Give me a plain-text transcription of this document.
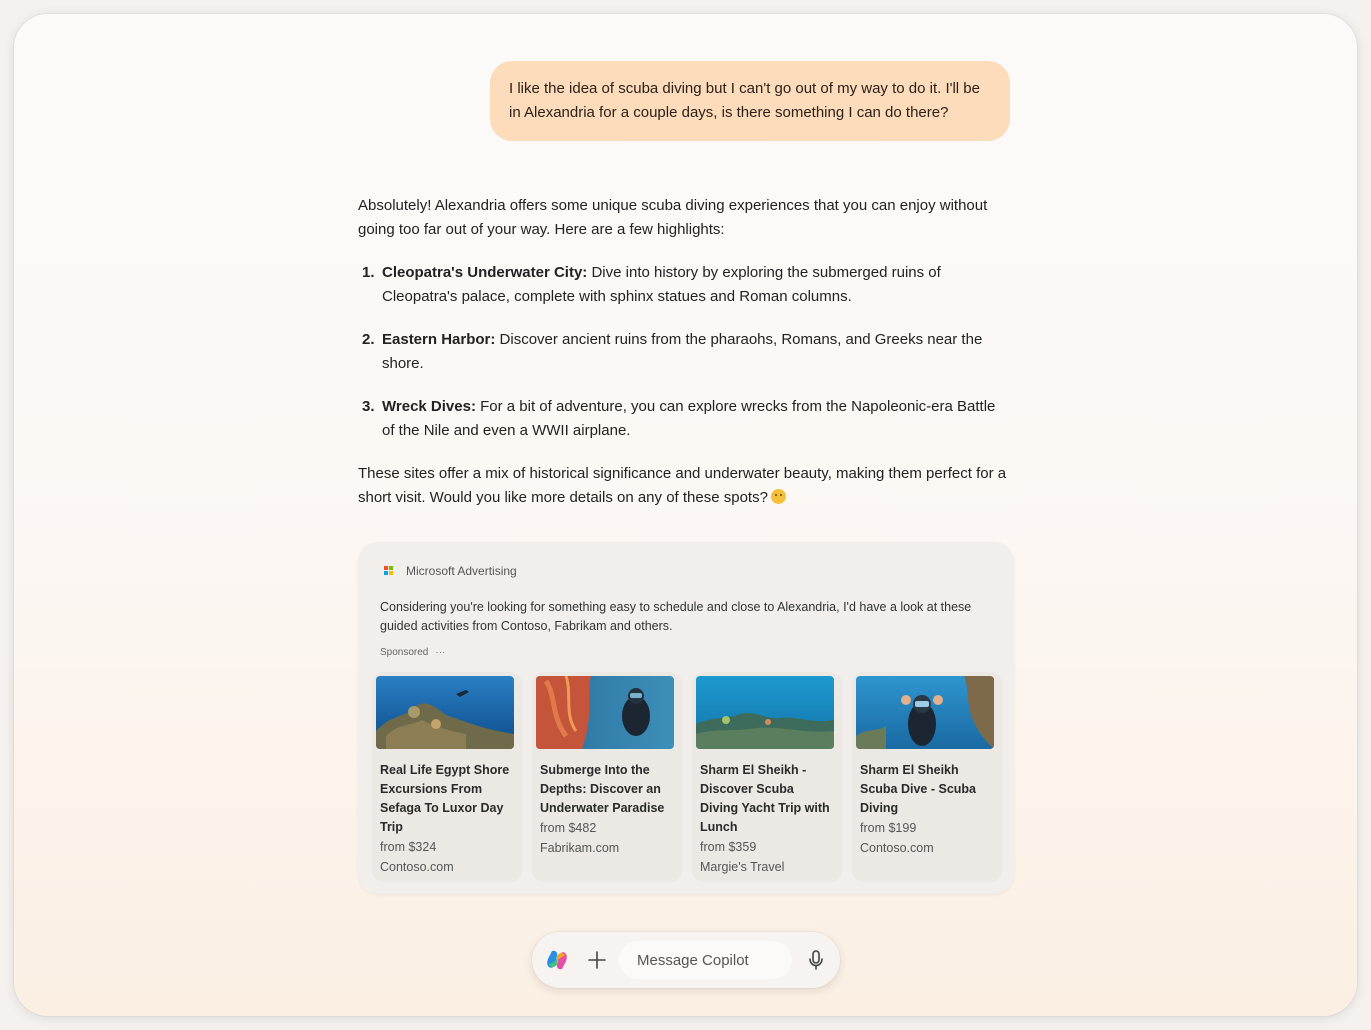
I like the idea of scuba diving but I can't go out of my way to do it. I'll be in Alexandria for a couple days, is there something I can do there?

Absolutely! Alexandria offers some unique scuba diving experiences that you can enjoy without going too far out of your way. Here are a few highlights:

1. Cleopatra's Underwater City: Dive into history by exploring the submerged ruins of Cleopatra's palace, complete with sphinx statues and Roman columns.
2. Eastern Harbor: Discover ancient ruins from the pharaohs, Romans, and Greeks near the shore.
3. Wreck Dives: For a bit of adventure, you can explore wrecks from the Napoleonic-era Battle of the Nile and even a WWII airplane.

These sites offer a mix of historical significance and underwater beauty, making them perfect for a short visit. Would you like more details on any of these spots?

Microsoft Advertising
Considering you're looking for something easy to schedule and close to Alexandria, I'd have a look at these guided activities from Contoso, Fabrikam and others.
Sponsored ···
Real Life Egypt Shore Excursions From Sefaga To Luxor Day Trip
from $324
Contoso.com
Submerge Into the Depths: Discover an Underwater Paradise
from $482
Fabrikam.com
Sharm El Sheikh - Discover Scuba Diving Yacht Trip with Lunch
from $359
Margie's Travel
Sharm El Sheikh Scuba Dive - Scuba Diving
from $199
Contoso.com
Message Copilot
